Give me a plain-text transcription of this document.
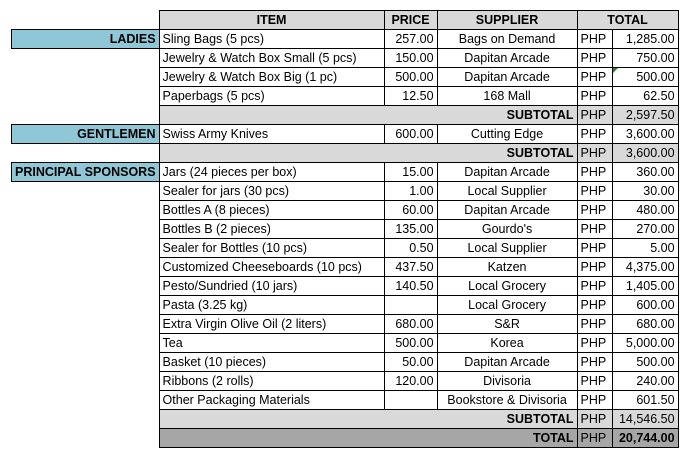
	ITEM	PRICE	SUPPLIER	TOTAL	
LADIES	Sling Bags (5 pcs)	257.00	Bags on Demand	PHP	1,285.00
	Jewelry & Watch Box Small (5 pcs)	150.00	Dapitan Arcade	PHP	750.00
	Jewelry & Watch Box Big (1 pc)	500.00	Dapitan Arcade	PHP	500.00
	Paperbags (5 pcs)	12.50	168 Mall	PHP	62.50
	SUBTOTAL			PHP	2,597.50
GENTLEMEN	Swiss Army Knives	600.00	Cutting Edge	PHP	3,600.00
	SUBTOTAL			PHP	3,600.00
PRINCIPAL SPONSORS	Jars (24 pieces per box)	15.00	Dapitan Arcade	PHP	360.00
	Sealer for jars (30 pcs)	1.00	Local Supplier	PHP	30.00
	Bottles A (8 pieces)	60.00	Dapitan Arcade	PHP	480.00
	Bottles B (2 pieces)	135.00	Gourdo's	PHP	270.00
	Sealer for Bottles (10 pcs)	0.50	Local Supplier	PHP	5.00
	Customized Cheeseboards (10 pcs)	437.50	Katzen	PHP	4,375.00
	Pesto/Sundried (10 jars)	140.50	Local Grocery	PHP	1,405.00
	Pasta (3.25 kg)		Local Grocery	PHP	600.00
	Extra Virgin Olive Oil (2 liters)	680.00	S&R	PHP	680.00
	Tea	500.00	Korea	PHP	5,000.00
	Basket (10 pieces)	50.00	Dapitan Arcade	PHP	500.00
	Ribbons (2 rolls)	120.00	Divisoria	PHP	240.00
	Other Packaging Materials		Bookstore & Divisoria	PHP	601.50
	SUBTOTAL			PHP	14,546.50
	TOTAL			PHP	20,744.00
